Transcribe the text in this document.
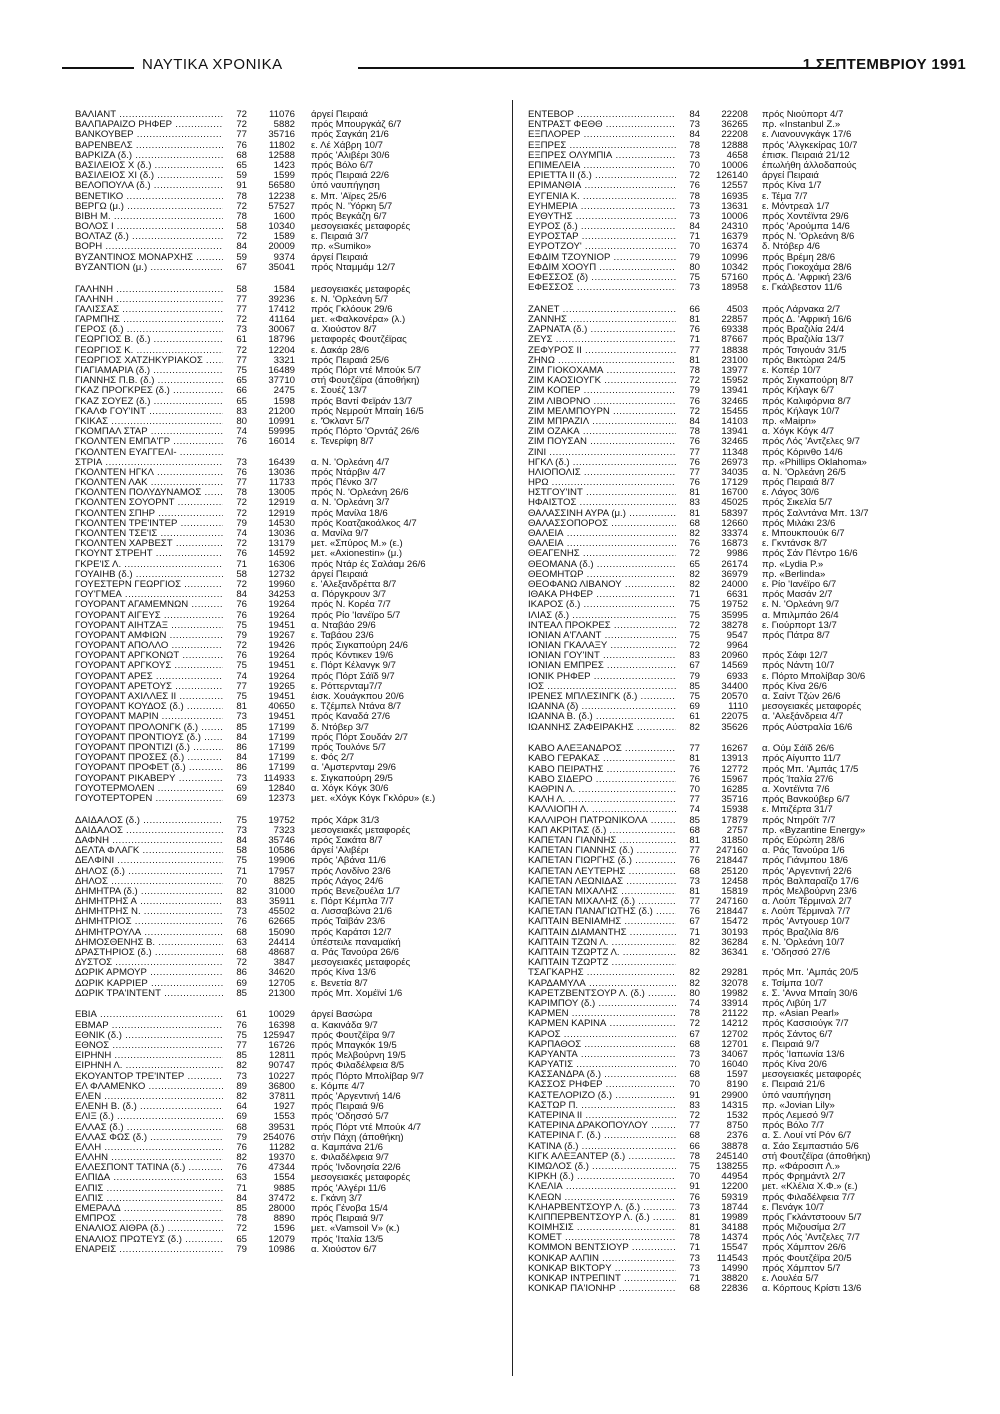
ΝΑΥΤΙΚΑ ΧΡΟΝΙΚΑ	1 ΣΕΠΤΕΜΒΡΙΟΥ 1991
ΒΑΛΙΑΝΤ .....	72	11076	άργεί Πειραιά
ΒΑΛΠΑΡΑΪΖΟ ΡΗΦΕΡ .....	72	5882	πρός Μπουργκάζ 6/7
ΒΑΝΚΟΥΒΕΡ .....	77	35716	πρός Σαγκάη 21/6
ΒΑΡΕΝΒΕΛΣ .....	76	11802	ε. Λέ Χάβρη 10/7
ΒΑΡΚΙΖΑ (δ.) .....	68	12588	πρός 'Αλιβέρι 30/6
ΒΑΣΙΛΕΙΟΣ Χ (δ.) .....	65	1423	πρός Βόλο 6/7
ΒΑΣΙΛΕΙΟΣ ΧΙ (δ.) .....	59	1599	πρός Πειραιά 22/6
ΒΕΛΟΠΟΥΛΑ (δ.) .....	91	56580	ύπό ναυπήγηση
ΒΕΝΕΤΙΚΟ .....	78	12238	ε. Μπ. 'Αϊρες 25/6
ΒΕΡΓΩ (μ.) .....	72	57527	πρός Ν. 'Υόρκη 5/7
ΒΙΒΗ Μ. .....	78	1600	πρός Βεγκάζη 6/7
ΒΟΛΟΣ Ι .....	58	10340	μεσογειακές μεταφορές
ΒΟΛΤΑΖ (δ.) .....	72	1589	ε. Πειραιά 3/7
ΒΟΡΗ .....	84	20009	πρ. «Sumiko»
ΒΥΖΑΝΤΙΝΟΣ ΜΟΝΑΡΧΗΣ .....	59	9374	άργεί Πειραιά
ΒΥΖΑΝΤΙΟΝ (μ.) .....	67	35041	πρός Νταμμάμ 12/7
ΓΑΛΗΝΗ .....	58	1584	μεσογειακές μεταφορές
ΓΑΛΗΝΗ .....	77	39236	ε. Ν. 'Ορλεάνη 5/7
ΓΑΛΙΣΣΑΣ .....	77	17412	πρός Γκλόουκ 29/6
ΓΑΡΜΠΗΣ .....	72	41164	μετ. «Φαλκονέρα» (λ.)
ΓΕΡΟΣ (δ.) .....	73	30067	α. Χιούστον 8/7
ΓΕΩΡΓΙΟΣ Β. (δ.) .....	61	18796	μεταφορές Φουτζέϊρας
ΓΕΩΡΓΙΟΣ Κ. .....	72	12204	ε. Δακάρ 28/6
ΓΕΩΡΓΙΟΣ ΧΑΤΖΗΚΥΡΙΑΚΟΣ .....	77	3321	πρός Πειραιά 25/6
ΓΙΑΓΙΑΜΑΡΙΑ (δ.) .....	75	16489	πρός Πόρτ ντέ Μπούκ 5/7
ΓΙΑΝΝΗΣ Π.Β. (δ.) .....	65	37710	στή Φουτζέϊρα (άποθήκη)
ΓΚΑΖ ΠΡΟΓΚΡΕΣ (δ.) .....	66	2475	ε. Σουέζ 13/7
ΓΚΑΖ ΣΟΥΕΖ (δ.) .....	65	1598	πρός Βαντί Φεϊράν 13/7
ΓΚΑΛΦ ΓΟΥ'ΙΝΤ .....	83	21200	πρός Νεμρούτ Μπαίη 16/5
ΓΚΙΚΑΣ .....	80	10991	ε. 'Όκλαντ 5/7
ΓΚΟΜΠΑΛ ΣΤΑΡ .....	74	59995	πρός Πόρτο 'Ορντάζ 26/6
ΓΚΟΛΝΤΕΝ ΕΜΠΑ'ΓΡ .....	76	16014	ε. Τενερίφη 8/7
ΓΚΟΛΝΤΕΝ ΕΥΑΓΓΕΛΙ- .....
ΣΤΡΙΑ .....	73	16439	α. Ν. 'Ορλεάνη 4/7
ΓΚΟΛΝΤΕΝ ΗΓΚΛ .....	76	13036	πρός Ντάρβιν 4/7
ΓΚΟΛΝΤΕΝ ΛΑΚ .....	77	11733	πρός Πένκο 3/7
ΓΚΟΛΝΤΕΝ ΠΟΛΥΔΥΝΑΜΟΣ .....	78	13005	πρός Ν. 'Ορλεάνη 26/6
ΓΚΟΛΝΤΕΝ ΣΟΥΟΡΝΤ .....	72	12919	α. Ν. 'Ορλεάνη 3/7
ΓΚΟΛΝΤΕΝ ΣΠΗΡ .....	72	12919	πρός Μανίλα 18/6
ΓΚΟΛΝΤΕΝ ΤΡΕ'ΙΝΤΕΡ .....	79	14530	πρός Κοατζακοάλκος 4/7
ΓΚΟΛΝΤΕΝ ΤΣΕ'ΙΣ .....	74	13036	α. Μανίλα 9/7
ΓΚΟΛΝΤΕΝ ΧΑΡΒΕΣΤ .....	72	13179	μετ. «Σπύρος Μ.» (ε.)
ΓΚΟΥΝΤ ΣΤΡΕΗΤ .....	76	14592	μετ. «Axionestin» (μ.)
ΓΚΡΕ'ΙΣ Λ. .....	71	16306	πρός Ντάρ ές Σαλάαμ 26/6
ΓΟΥΑΙΗΒ (δ.) .....	58	12732	άργεί Πειραιά
ΓΟΥΕΣΤΕΡΝ ΓΕΩΡΓΙΟΣ .....	72	19960	ε. 'Αλεξανδρέττα 8/7
ΓΟΥ'ΓΜΕΑ .....	84	34253	α. Πόργκρουν 3/7
ΓΟΥΟΡΑΝΤ ΑΓΑΜΕΜΝΩΝ .....	76	19264	πρός Ν. Κορέα 7/7
ΓΟΥΟΡΑΝΤ ΑΙΓΕΥΣ .....	76	19264	πρός Ρίο 'Ιανέϊρο 5/7
ΓΟΥΟΡΑΝΤ ΑΙΗΤΖΑΞ .....	75	19451	α. Νταβάο 29/6
ΓΟΥΟΡΑΝΤ ΑΜΦΙΩΝ .....	79	19267	ε. Ταβάου 23/6
ΓΟΥΟΡΑΝΤ ΑΠΟΛΛΟ .....	72	19426	πρός Σιγκαπούρη 24/6
ΓΟΥΟΡΑΝΤ ΑΡΓΚΟΝΩΤ .....	76	19264	πρός Κόντικεν 19/6
ΓΟΥΟΡΑΝΤ ΑΡΓΚΟΥΣ .....	75	19451	ε. Πόρτ Κέλανγκ 9/7
ΓΟΥΟΡΑΝΤ ΑΡΕΣ .....	74	19264	πρός Πόρτ Σάϊδ 9/7
ΓΟΥΟΡΑΝΤ ΑΡΕΤΟΥΣ .....	77	19265	ε. Ρόττερνταμ7/7
ΓΟΥΟΡΑΝΤ ΑΧΙΛΛΕΣ ΙΙ .....	75	19451	έισκ. Χουάγκπου 20/6
ΓΟΥΟΡΑΝΤ ΚΟΥΔΟΣ (δ.) .....	81	40650	ε. Τζέμπελ Ντάνα 8/7
ΓΟΥΟΡΑΝΤ ΜΑΡΙΝ .....	73	19451	πρός Καναδά 27/6
ΓΟΥΟΡΑΝΤ ΠΡΟΛΟΝΓΚ (δ.) .....	85	17199	δ. Ντόβερ 3/7
ΓΟΥΟΡΑΝΤ ΠΡΟΝΤΙΟΥΣ (δ.) .....	84	17199	πρός Πόρτ Σουδάν 2/7
ΓΟΥΟΡΑΝΤ ΠΡΟΝΤΙΖΙ (δ.) .....	86	17199	πρός Τουλόνε 5/7
ΓΟΥΟΡΑΝΤ ΠΡΟΣΕΣ (δ.) .....	84	17199	ε. Φός 2/7
ΓΟΥΟΡΑΝΤ ΠΡΟΦΕΤ (δ.) .....	86	17199	α. 'Αμστερνταμ 29/6
ΓΟΥΟΡΑΝΤ ΡΙΚΑΒΕΡΥ .....	73	114933	ε. Σιγκαπούρη 29/5
ΓΟΥΟΤΕΡΜΟΛΕΝ .....	69	12840	α. Χόγκ Κόγκ 30/6
ΓΟΥΟΤΕΡΤΟΡΕΝ .....	69	12373	μετ. «Χόγκ Κόγκ Γκλόρυ» (ε.)
ΔΑΙΔΑΛΟΣ (δ.) .....	75	19752	πρός Χάρκ 31/3
ΔΑΙΔΑΛΟΣ .....	73	7323	μεσογειακές μεταφορές
ΔΑΦΝΗ .....	84	35746	πρός Σακάτα 8/7
ΔΕΛΤΑ ΦΛΑΓΚ .....	58	10586	άργεί 'Αλιβέρι
ΔΕΛΦΙΝΙ .....	75	19906	πρός 'Αβάνα 11/6
ΔΗΛΟΣ (δ.) .....	71	17957	πρός Λονδίνο 23/6
ΔΗΛΟΣ .....	70	8825	πρός Λάγος 24/6
ΔΗΜΗΤΡΑ (δ.) .....	82	31000	πρός Βενεζουέλα 1/7
ΔΗΜΗΤΡΗΣ Α .....	83	35911	ε. Πόρτ Κέμπλα 7/7
ΔΗΜΗΤΡΗΣ Ν. .....	73	45502	α. Λισσαβώνα 21/6
ΔΗΜΗΤΡΙΟΣ .....	76	62665	πρός Ταϊβάν 23/6
ΔΗΜΗΤΡΟΥΛΑ .....	68	15090	πρός Καράτσι 12/7
ΔΗΜΟΣΘΕΝΗΣ Β. .....	63	24414	ύπέστειλε παναμαϊκή
ΔΡΑΣΤΗΡΙΟΣ (δ.) .....	68	48687	α. Ράς Τανούρα 26/6
ΔΥΣΤΟΣ .....	72	3847	μεσογειακές μεταφορές
ΔΩΡΙΚ ΑΡΜΟΥΡ .....	86	34620	πρός Κίνα 13/6
ΔΩΡΙΚ ΚΑΡΡΙΕΡ .....	69	12705	ε. Βενετία 8/7
ΔΩΡΙΚ ΤΡΑ'ΙΝΤΕΝΤ .....	85	21300	πρός Μπ. Χομέϊνί 1/6
ΕΒΙΑ .....	61	10029	άργεί Βασώρα
ΕΒΜΑΡ .....	76	16398	α. Κακινάδα 9/7
ΕΘΝΙΚ (δ.) .....	75	125947	πρός Φουτζέϊρα 9/7
ΕΘΝΟΣ .....	77	16726	πρός Μπαγκόκ 19/5
ΕΙΡΗΝΗ .....	85	12811	πρός Μελβούρνη 19/5
ΕΙΡΗΝΗ Λ. .....	82	90747	πρός Φιλαδέλφεια 8/5
ΕΚΟΥΑΝΤΟΡ ΤΡΕ'ΙΝΤΕΡ .....	73	10227	πρός Πόρτο Μπολίβαρ 9/7
ΕΛ ΦΛΑΜΕΝΚΟ .....	89	36800	ε. Κόμπε 4/7
ΕΛΕΝ .....	82	37811	πρός 'Αργεντινή 14/6
ΕΛΕΝΗ Β. (δ.) .....	64	1927	πρός Πειραιά 9/6
ΕΛΙΞ (δ.) .....	69	1553	πρός 'Οδησσό 5/7
ΕΛΛΑΣ (δ.) .....	68	39531	πρός Πόρτ ντέ Μπούκ 4/7
ΕΛΛΑΣ ΦΩΣ (δ.) .....	79	254076	στήν Πάχη (άποθήκη)
ΕΛΛΗ .....	76	11282	α. Καμπάνα 21/6
ΕΛΛΗΝ .....	82	19370	ε. Φιλαδέλφεια 9/7
ΕΛΛΕΣΠΟΝΤ ΤΑΤΙΝΑ (δ.) .....	76	47344	πρός 'Ινδονησία 22/6
ΕΛΠΙΔΑ .....	63	1554	μεσογειακές μεταφορές
ΕΛΠΙΣ .....	71	9885	πρός 'Αλγέρι 11/6
ΕΛΠΙΣ .....	84	37472	ε. Γκάνη 3/7
ΕΜΕΡΑΛΔ .....	85	28000	πρός Γένοβα 15/4
ΕΜΠΡΟΣ .....	78	8890	πρός Πειραιά 9/7
ΕΝΑΛΙΟΣ ΑΙΘΡΑ (δ.) .....	72	1596	μετ. «Vamsoil V» (κ.)
ΕΝΑΛΙΟΣ ΠΡΩΤΕΥΣ (δ.) .....	65	12079	πρός 'Ιταλία 13/5
ΕΝΑΡΕΙΣ .....	79	10986	α. Χιούστον 6/7
ΕΝΤΕΒΟΡ .....	84	22208	πρός Νιούπορτ 4/7
ΕΝΤΡΑΣΤ ΦΕΘΘ .....	73	36265	πρ. «Instanbul Z.»
ΕΞΠΛΟΡΕΡ .....	84	22208	ε. Λιανουνγκάγκ 17/6
ΕΞΠΡΕΣ .....	78	12888	πρός 'Αλγκεκίρας 10/7
ΕΞΠΡΕΣ ΟΛΥΜΠΙΑ .....	73	4658	έπισκ. Πειραιά 21/12
ΕΠΙΜΕΛΕΙΑ .....	70	10006	έπωλήθη άλλοδαπούς
ΕΡΙΕΤΤΑ ΙΙ (δ.) .....	72	126140	άργεί Πειραιά
ΕΡΙΜΑΝΘΙΑ .....	76	12557	πρός Κίνα 1/7
ΕΥΓΕΝΙΑ Κ. .....	78	16935	ε. Τέμα 7/7
ΕΥΗΜΕΡΙΑ .....	73	13631	ε. Μόντρεαλ 1/7
ΕΥΘΥΤΗΣ .....	73	10006	πρός Χοντέϊντα 29/6
ΕΥΡΟΣ (δ.) .....	84	24310	πρός 'Αρούμπα 14/6
ΕΥΡΟΣΤΑΡ .....	71	16379	πρός Ν. 'Ορλεάνη 8/6
ΕΥΡΟΤΖΟΥ' .....	70	16374	δ. Ντόβερ 4/6
ΕΦΔΙΜ ΤΖΟΥΝΙΟΡ .....	79	10996	πρός Βρέμη 28/6
ΕΦΔΙΜ ΧΟΟΥΠ .....	80	10342	πρός Γιοκοχάμα 28/6
ΕΦΕΣΣΟΣ (δ) .....	75	57160	πρός Δ. 'Αφρική 23/6
ΕΦΕΣΣΟΣ .....	73	18958	ε. Γκάλβεστον 11/6
ΖΑΝΕΤ .....	66	4503	πρός Λάρνακα 2/7
ΖΑΝΝΗΣ .....	81	22857	πρός Δ. 'Αφρική 16/6
ΖΑΡΝΑΤΑ (δ.) .....	76	69338	πρός Βραζιλία 24/4
ΖΕΥΣ .....	71	87667	πρός Βραζιλία 13/7
ΖΕΦΥΡΟΣ ΙΙ .....	77	18838	πρός Τσιγουάν 31/5
ΖΗΝΩ .....	81	23100	πρός Βικτώρια 24/5
ΖΙΜ ΓΙΟΚΟΧΑΜΑ .....	78	13977	ε. Κοπέρ 10/7
ΖΙΜ ΚΑΟΣΙΟΥΓΚ .....	72	15952	πρός Σιγκαπούρη 8/7
ΖΙΜ ΚΟΠΕΡ .....	79	13941	πρός Κήλαγκ 6/7
ΖΙΜ ΛΙΒΟΡΝΟ .....	76	32465	πρός Καλιφόρνια 8/7
ΖΙΜ ΜΕΛΜΠΟΥΡΝ .....	72	15455	πρός Κήλαγκ 10/7
ΖΙΜ ΜΠΡΑΖΙΛ .....	84	14103	πρ. «Maipn»
ΖΙΜ ΟΖΑΚΑ .....	78	13941	α. Χόγκ Κόγκ 4/7
ΖΙΜ ΠΟΥΣΑΝ .....	76	32465	πρός Λός 'Αντζελες 9/7
ΖΙΝΙ .....	77	11348	πρός Κόρινθο 14/6
ΗΓΚΛ (δ.) .....	76	26973	πρ. «Phillips Oklahoma»
ΗΛΙΟΠΟΛΙΣ .....	77	34035	α. Ν. 'Ορλεάνη 26/5
ΗΡΩ .....	76	17129	πρός Πειραιά 8/7
ΗΣΤΓΟΥ'ΙΝΤ .....	81	16700	ε. Λάγος 30/6
ΗΦΑΙΣΤΟΣ .....	83	45025	πρός Σικελία 5/7
ΘΑΛΑΣΣΙΝΗ ΑΥΡΑ (μ.) .....	81	58397	πρός Σαλντάνα Μπ. 13/7
ΘΑΛΑΣΣΟΠΟΡΟΣ .....	68	12660	πρός Μιλάκι 23/6
ΘΑΛΕΙΑ .....	82	33374	ε. Μπουκπουύκ 6/7
ΘΑΛΕΙΑ .....	76	16873	ε. Γκντάνσκ 8/7
ΘΕΑΓΕΝΗΣ .....	72	9986	πρός Σάν Πέντρο 16/6
ΘΕΟΜΑΝΑ (δ.) .....	65	26174	πρ. «Lydia P.»
ΘΕΟΜΗΤΩΡ .....	82	36979	πρ. «Berlinda»
ΘΕΟΦΑΝΩ ΛΙΒΑΝΟΥ .....	82	24000	ε. Ρίο 'Ιανέϊρο 6/7
ΙΘΑΚΑ ΡΗΦΕΡ .....	71	6631	πρός Μασάν 2/7
ΙΚΑΡΟΣ (δ.) .....	75	19752	ε. Ν. 'Ορλεάνη 9/7
ΙΛΙΑΣ (δ.) .....	75	35995	α. Μπιλμπάο 26/4
ΙΝΤΕΑΛ ΠΡΟΚΡΕΣ .....	72	38278	ε. Γιούρπορτ 13/7
ΙΟΝΙΑΝ Α'ΓΛΑΝΤ .....	75	9547	πρός Πάτρα 8/7
ΙΟΝΙΑΝ ΓΚΑΛΑΞΥ .....	72	9964
ΙΟΝΙΑΝ ΓΟΥ'ΙΝΤ .....	83	20960	πρός Σάφι 12/7
ΙΟΝΙΑΝ ΕΜΠΡΕΣ .....	67	14569	πρός Νάντη 10/7
ΙΟΝΙΚ ΡΗΦΕΡ .....	79	6933	ε. Πόρτο Μπολίβαρ 30/6
ΙΟΣ .....	85	34400	πρός Κίνα 26/6
ΙΡΕΝΕΣ ΜΠΛΕΣΙΝΓΚ (δ.) .....	75	20570	α. Σαίντ Τζών 26/6
ΙΩΑΝΝΑ (δ) .....	69	1110	μεσογειακές μεταφορές
ΙΩΑΝΝΑ Β. (δ.) .....	61	22075	α. 'Αλεξάνδρεια 4/7
ΙΩΑΝΝΗΣ ΖΑΦΕΙΡΑΚΗΣ .....	82	35626	πρός Αύστραλία 16/6
ΚΑΒΟ ΑΛΕΞΑΝΔΡΟΣ .....	77	16267	α. Ούμ Σάϊδ 26/6
ΚΑΒΟ ΓΕΡΑΚΑΣ .....	81	13913	πρός Αίγυπτο 11/7
ΚΑΒΟ ΠΕΙΡΑΤΗΣ .....	76	12772	πρός Μπ. 'Αμπάς 17/5
ΚΑΒΟ ΣΙΔΕΡΟ .....	76	15967	πρός Ίταλία 27/6
ΚΑΘΡΙΝ Λ. .....	70	16285	α. Χοντέϊντα 7/6
ΚΑΛΗ Λ. .....	77	35716	πρός Βανκούβερ 6/7
ΚΑΛΛΙΟΠΗ Λ. .....	74	15938	ε. Μπιζέρτα 31/7
ΚΑΛΛΙΡΟΗ ΠΑΤΡΩΝΙΚΟΛΑ .....	85	17879	πρός Ντηρόϊτ 7/7
ΚΑΠ ΑΚΡΙΤΑΣ (δ.) .....	68	2757	πρ. «Byzantine Energy»
ΚΑΠΕΤΑΝ ΓΙΑΝΝΗΣ .....	81	31850	πρός Εύρώπη 28/6
ΚΑΠΕΤΑΝ ΓΙΑΝΝΗΣ (δ.) .....	77	247160	α. Ράς Τανούρα 1/6
ΚΑΠΕΤΑΝ ΓΙΩΡΓΗΣ (δ.) .....	76	218447	πρός Γιάνμπου 18/6
ΚΑΠΕΤΑΝ ΛΕΥΤΕΡΗΣ .....	68	25120	πρός 'Αργεντινή 22/6
ΚΑΠΕΤΑΝ ΛΕΩΝΙΔΑΣ .....	73	12458	πρός Βαλπαραΐζο 17/6
ΚΑΠΕΤΑΝ ΜΙΧΑΛΗΣ .....	81	15819	πρός Μελβούρνη 23/6
ΚΑΠΕΤΑΝ ΜΙΧΑΛΗΣ (δ.) .....	77	247160	α. Λούπ Τέρμιναλ 2/7
ΚΑΠΕΤΑΝ ΠΑΝΑΓΙΩΤΗΣ (δ.) .....	76	218447	ε. Λούπ Τέρμιναλ 7/7
ΚΑΠΤΑΙΝ ΒΕΝΙΑΜΗΣ .....	67	15472	πρός 'Αντγουερ 10/7
ΚΑΠΤΑΙΝ ΔΙΑΜΑΝΤΗΣ .....	71	30193	πρός Βραζιλία 8/6
ΚΑΠΤΑΙΝ ΤΖΩΝ Λ. .....	82	36284	ε. Ν. 'Ορλεάνη 10/7
ΚΑΠΤΑΙΝ ΤΖΩΡΤΖ Λ. .....	82	36341	ε. 'Οδησσό 27/6
ΚΑΠΤΑΙΝ ΤΖΩΡΤΖ .....
ΤΣΑΓΚΑΡΗΣ .....	82	29281	πρός Μπ. 'Αμπάς 20/5
ΚΑΡΔΑΜΥΛΑ .....	82	32078	ε. Τσίμπα 10/7
ΚΑΡΕΤΖΒΕΝΤΣΟΥΡ Λ. (δ.) .....	80	19982	ε. Σ. 'Αννα Μπαίη 30/6
ΚΑΡΙΜΠΟΥ (δ.) .....	74	33914	πρός Λιβύη 1/7
ΚΑΡΜΕΝ .....	78	21122	πρ. «Asian Pearl»
ΚΑΡΜΕΝ ΚΑΡΙΝΑ .....	72	14212	πρός Κασσιούγκ 7/7
ΚΑΡΟΣ .....	67	12702	πρός Σάντος 6/7
ΚΑΡΠΑΘΟΣ .....	68	12701	ε. Πειραιά 9/7
ΚΑΡΥΑΝΤΑ .....	73	34067	πρός 'Ιαπωνία 13/6
ΚΑΡΥΑΤΙΣ .....	70	16040	πρός Κίνα 20/6
ΚΑΣΣΑΝΔΡΑ (δ.) .....	68	1597	μεσογειακές μεταφορές
ΚΑΣΣΟΣ ΡΗΦΕΡ .....	70	8190	ε. Πειραιά 21/6
ΚΑΣΤΕΛΟΡΙΖΟ (δ.) .....	91	29900	ύπό ναυπήγηση
ΚΑΣΤΩΡ Π. .....	83	14315	πρ. «Jovian Lily»
ΚΑΤΕΡΙΝΑ ΙΙ .....	72	1532	πρός Λεμεσό 9/7
ΚΑΤΕΡΙΝΑ ΔΡΑΚΟΠΟΥΛΟΥ .....	77	8750	πρός Βόλο 7/7
ΚΑΤΕΡΙΝΑ Γ. (δ.) .....	68	2376	α. Σ. Λουί ντί Ρόν 6/7
ΚΑΤΙΝΑ (δ.) .....	66	38878	α. Σάο Σεμπαστιάο 5/6
ΚΙΓΚ ΑΛΕΞΑΝΤΕΡ (δ.) .....	78	245140	στή Φουτζέϊρα (άποθήκη)
ΚΙΜΩΛΟΣ (δ.) .....	75	138255	πρ. «Φάροσιπ Λ.»
ΚΙΡΚΗ (δ.) .....	70	44954	πρός Φρημάντλ 2/7
ΚΛΕΛΙΑ .....	91	12200	μετ. «Κλέλια Χ.Φ.» (ε.)
ΚΛΕΩΝ .....	76	59319	πρός Φιλαδέλφεια 7/7
ΚΛΗΑΡΒΕΝΤΣΟΥΡ Λ. (δ.) .....	73	18744	ε. Πενάγκ 10/7
ΚΛΙΠΠΕΡΒΕΝΤΣΟΥΡ Λ. (δ.) .....	81	19989	πρός Γκλάντστοουν 5/7
ΚΟΙΜΗΣΙΣ .....	81	34188	πρός Μιζουσίμα 2/7
ΚΟΜΕΤ .....	78	14374	πρός Λός 'Αντζελες 7/7
ΚΟΜΜΟΝ ΒΕΝΤΣΙΟΥΡ .....	71	15547	πρός Χάμπτον 26/6
ΚΟΝΚΑΡ ΑΛΠΙΝ .....	73	114543	πρός Φουτζέϊρα 20/5
ΚΟΝΚΑΡ ΒΙΚΤΟΡΥ .....	73	14990	πρός Χάμπτον 5/7
ΚΟΝΚΑΡ ΙΝΤΡΕΠΙΝΤ .....	71	38820	ε. Λουλέα 5/7
ΚΟΝΚΑΡ ΠΑ'ΙΟΝΗΡ .....	68	22836	α. Κόρπους Κρίστι 13/6
